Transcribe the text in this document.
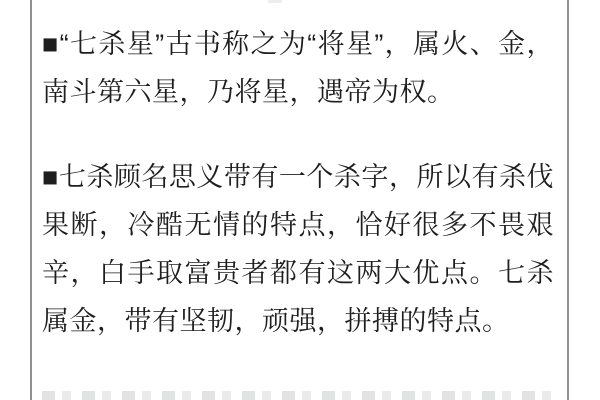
■“七杀星”古书称之为“将星”，属火、金，南斗第六星，乃将星，遇帝为权。

■七杀顾名思义带有一个杀字，所以有杀伐果断，冷酷无情的特点，恰好很多不畏艰辛，白手取富贵者都有这两大优点。七杀属金，带有坚韧，顽强，拼搏的特点。
